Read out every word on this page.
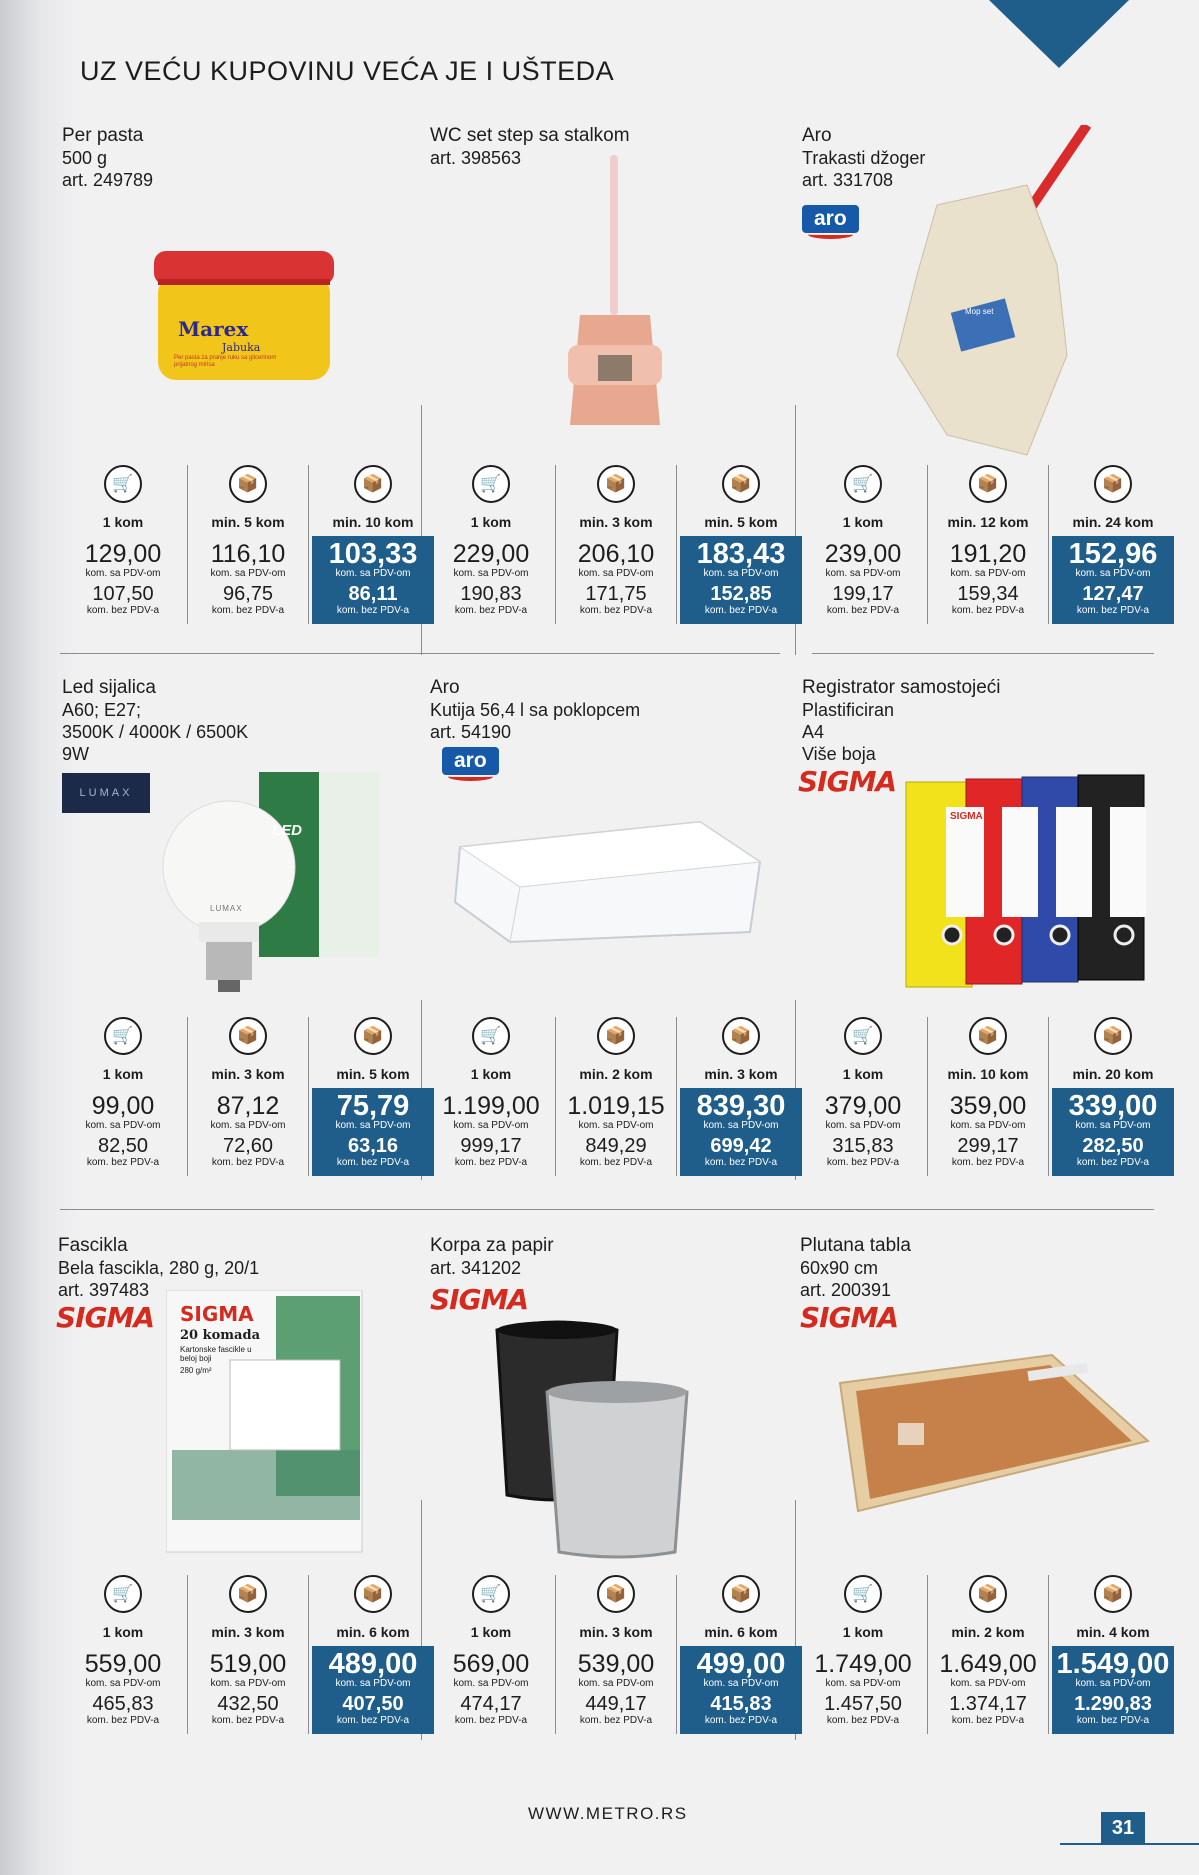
UZ VEĆU KUPOVINU VEĆA JE I UŠTEDA
Per pasta
500 g
art. 249789
Marex
Jabuka
Per pasta za pranje ruku sa glicerinom prijatnog mirisa
🛒
1 kom
129,00
kom. sa PDV-om
107,50
kom. bez PDV-a
📦
min. 5 kom
116,10
kom. sa PDV-om
96,75
kom. bez PDV-a
📦
min. 10 kom
103,33
kom. sa PDV-om
86,11
kom. bez PDV-a
WC set step sa stalkom
art. 398563
🛒
1 kom
229,00
kom. sa PDV-om
190,83
kom. bez PDV-a
📦
min. 3 kom
206,10
kom. sa PDV-om
171,75
kom. bez PDV-a
📦
min. 5 kom
183,43
kom. sa PDV-om
152,85
kom. bez PDV-a
Aro
Trakasti džoger
art. 331708
aro
Mop set
🛒
1 kom
239,00
kom. sa PDV-om
199,17
kom. bez PDV-a
📦
min. 12 kom
191,20
kom. sa PDV-om
159,34
kom. bez PDV-a
📦
min. 24 kom
152,96
kom. sa PDV-om
127,47
kom. bez PDV-a
Led sijalica
A60; E27;
3500K / 4000K / 6500K
9W
LUMAX
LED
LUMAX
🛒
1 kom
99,00
kom. sa PDV-om
82,50
kom. bez PDV-a
📦
min. 3 kom
87,12
kom. sa PDV-om
72,60
kom. bez PDV-a
📦
min. 5 kom
75,79
kom. sa PDV-om
63,16
kom. bez PDV-a
Aro
Kutija 56,4 l sa poklopcem
art. 54190
aro
🛒
1 kom
1.199,00
kom. sa PDV-om
999,17
kom. bez PDV-a
📦
min. 2 kom
1.019,15
kom. sa PDV-om
849,29
kom. bez PDV-a
📦
min. 3 kom
839,30
kom. sa PDV-om
699,42
kom. bez PDV-a
Registrator samostojeći
Plastificiran
A4
Više boja
SIGMA
SIGMA
🛒
1 kom
379,00
kom. sa PDV-om
315,83
kom. bez PDV-a
📦
min. 10 kom
359,00
kom. sa PDV-om
299,17
kom. bez PDV-a
📦
min. 20 kom
339,00
kom. sa PDV-om
282,50
kom. bez PDV-a
Fascikla
Bela fascikla, 280 g, 20/1
art. 397483
SIGMA SIGMA
20 komada
Kartonske fascikle u beloj boji
280 g/m²
🛒
1 kom
559,00
kom. sa PDV-om
465,83
kom. bez PDV-a
📦
min. 3 kom
519,00
kom. sa PDV-om
432,50
kom. bez PDV-a
📦
min. 6 kom
489,00
kom. sa PDV-om
407,50
kom. bez PDV-a
Korpa za papir
art. 341202
SIGMA
🛒
1 kom
569,00
kom. sa PDV-om
474,17
kom. bez PDV-a
📦
min. 3 kom
539,00
kom. sa PDV-om
449,17
kom. bez PDV-a
📦
min. 6 kom
499,00
kom. sa PDV-om
415,83
kom. bez PDV-a
Plutana tabla
60x90 cm
art. 200391
SIGMA
🛒
1 kom
1.749,00
kom. sa PDV-om
1.457,50
kom. bez PDV-a
📦
min. 2 kom
1.649,00
kom. sa PDV-om
1.374,17
kom. bez PDV-a
📦
min. 4 kom
1.549,00
kom. sa PDV-om
1.290,83
kom. bez PDV-a
WWW.METRO.RS
31
